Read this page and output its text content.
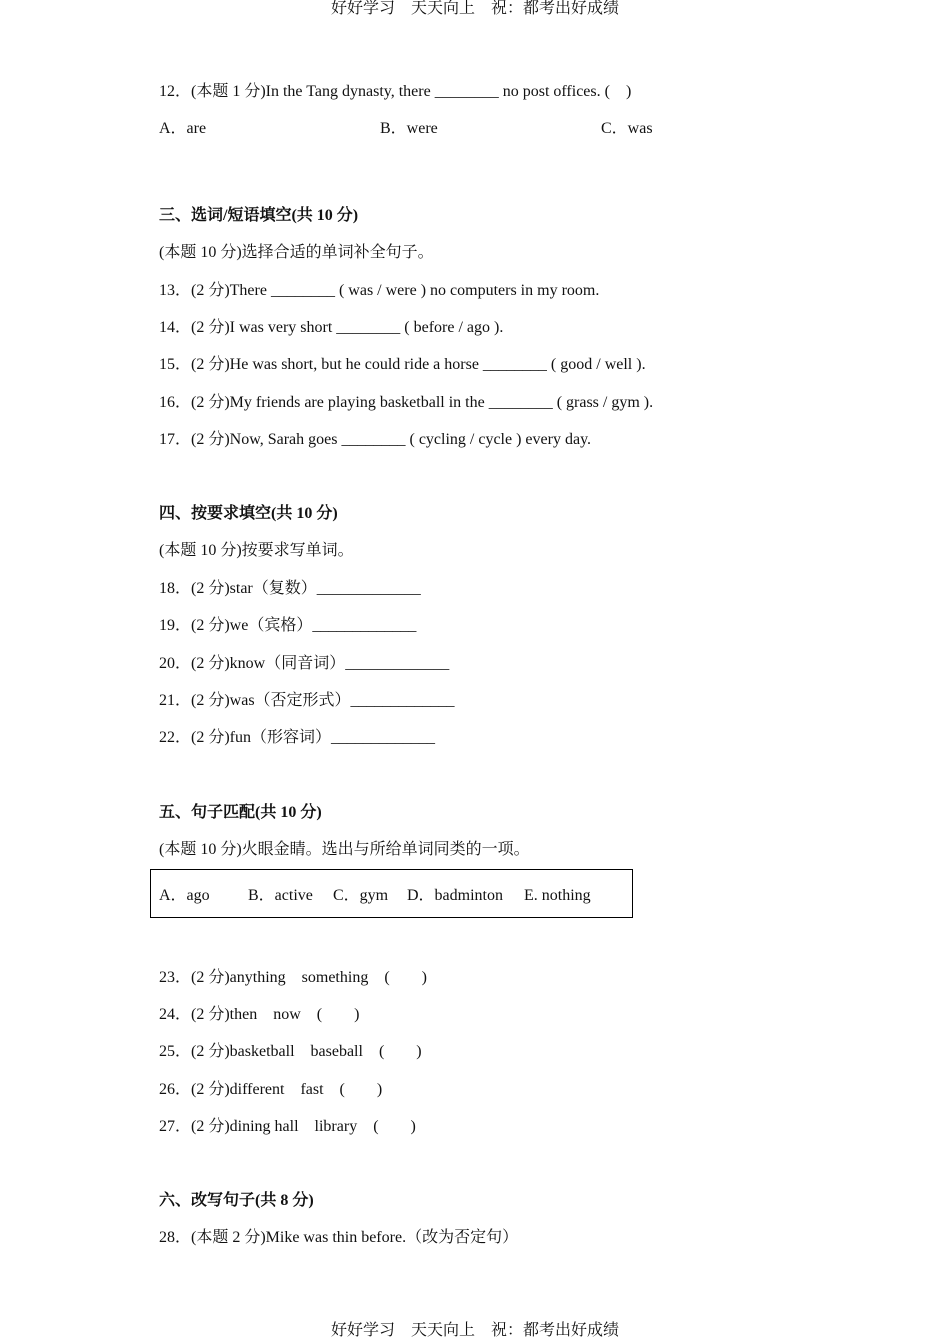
好好学习　天天向上　祝：都考出好成绩
12．(本题 1 分)In the Tang dynasty, there ________ no post offices. (　)
A．are	B．were	C．was
三、选词/短语填空(共 10 分)
(本题 10 分)选择合适的单词补全句子。
13．(2 分)There ________ ( was / were ) no computers in my room.
14．(2 分)I was very short ________ ( before / ago ).
15．(2 分)He was short, but he could ride a horse ________ ( good / well ).
16．(2 分)My friends are playing basketball in the ________ ( grass / gym ).
17．(2 分)Now, Sarah goes ________ ( cycling / cycle ) every day.
四、按要求填空(共 10 分)
(本题 10 分)按要求写单词。
18．(2 分)star（复数）_____________
19．(2 分)we（宾格）_____________
20．(2 分)know（同音词）_____________
21．(2 分)was（否定形式）_____________
22．(2 分)fun（形容词）_____________
五、句子匹配(共 10 分)
(本题 10 分)火眼金睛。选出与所给单词同类的一项。
A．ago B．active C．gym D．badminton E. nothing
23．(2 分)anything　something　(　　)
24．(2 分)then　now　(　　)
25．(2 分)basketball　baseball　(　　)
26．(2 分)different　fast　(　　)
27．(2 分)dining hall　library　(　　)
六、改写句子(共 8 分)
28．(本题 2 分)Mike was thin before.（改为否定句）
好好学习　天天向上　祝：都考出好成绩
